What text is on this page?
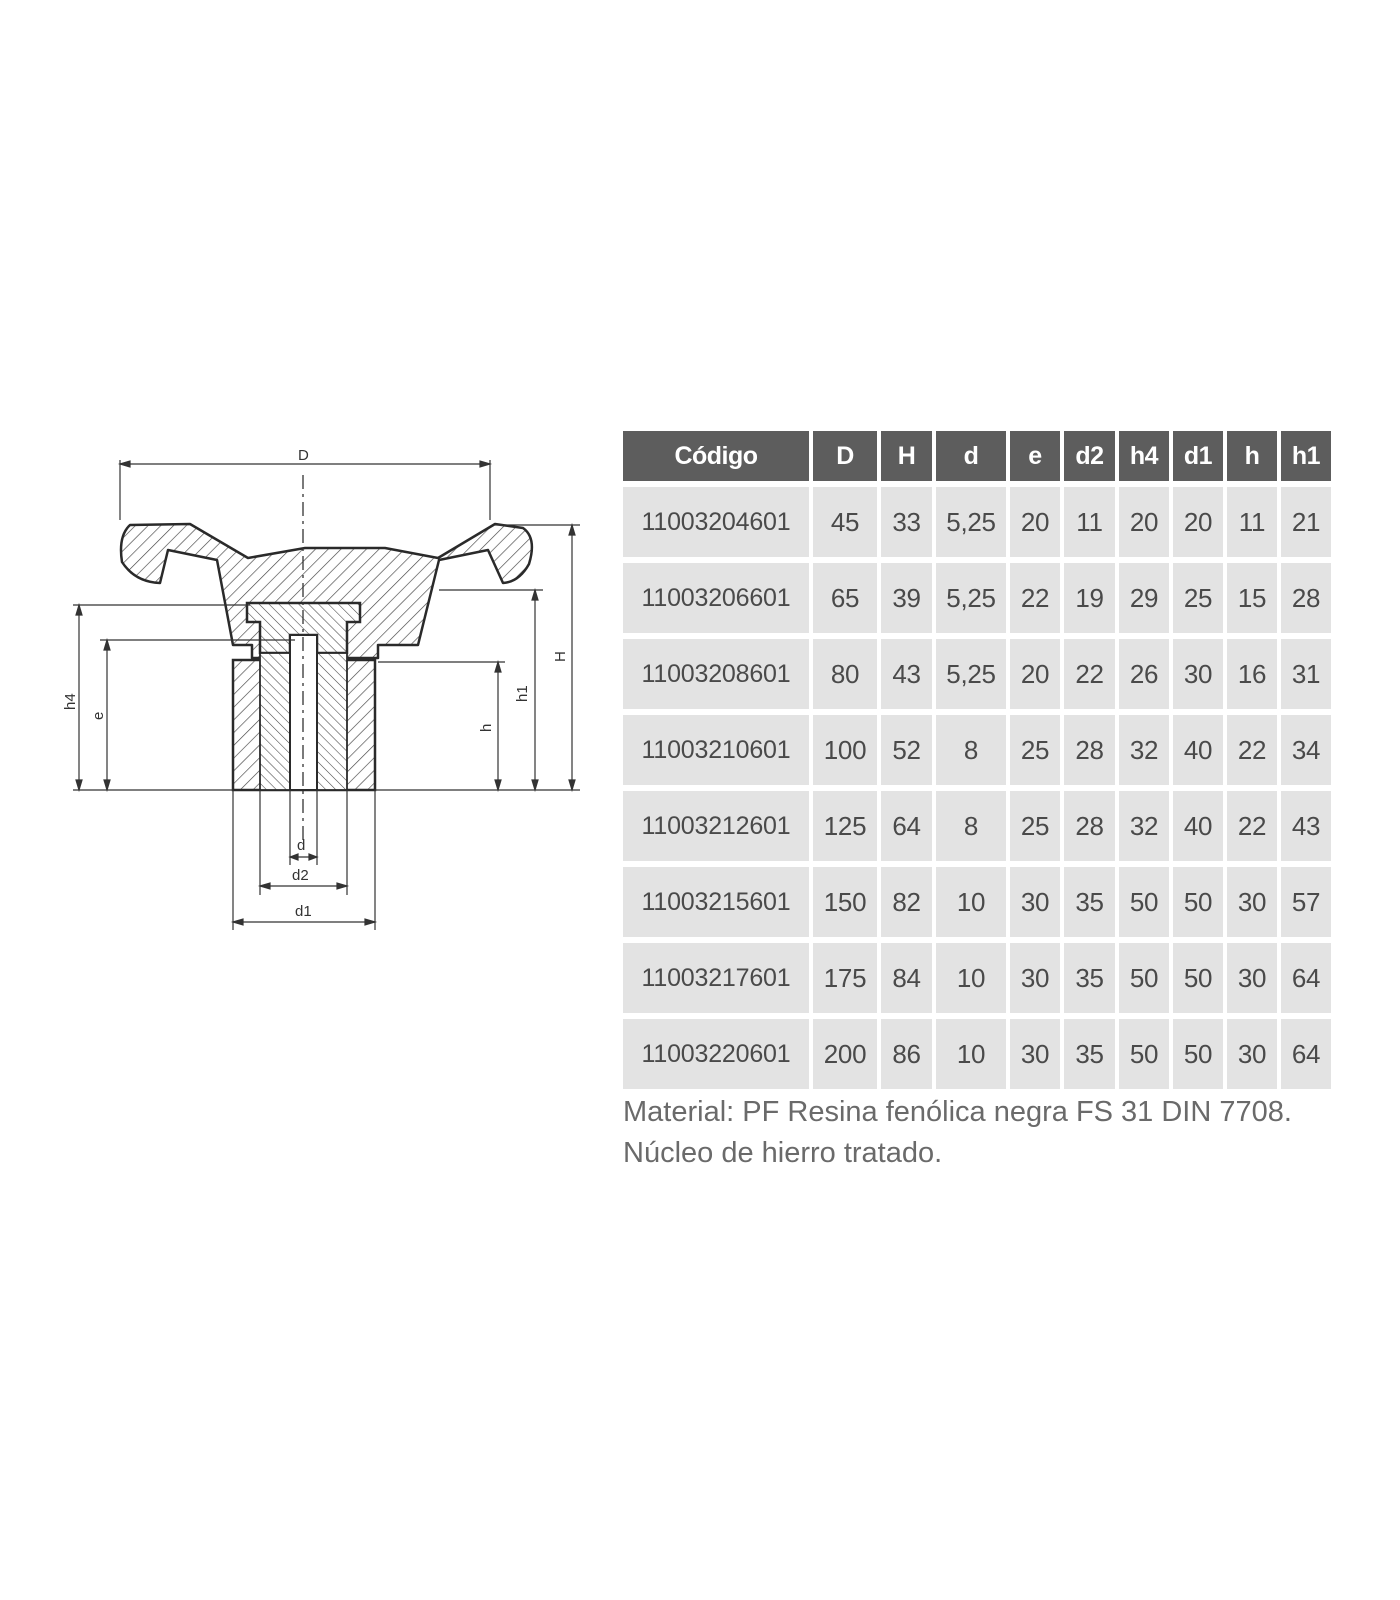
D
H
h1
h
h4
e
d
d2
d1
Código	D	H	d	e	d2	h4	d1	h	h1
11003204601	45	33	5,25	20	11	20	20	11	21
11003206601	65	39	5,25	22	19	29	25	15	28
11003208601	80	43	5,25	20	22	26	30	16	31
11003210601	100	52	8	25	28	32	40	22	34
11003212601	125	64	8	25	28	32	40	22	43
11003215601	150	82	10	30	35	50	50	30	57
11003217601	175	84	10	30	35	50	50	30	64
11003220601	200	86	10	30	35	50	50	30	64

Material: PF Resina fenólica negra FS 31 DIN 7708.

Núcleo de hierro tratado.
